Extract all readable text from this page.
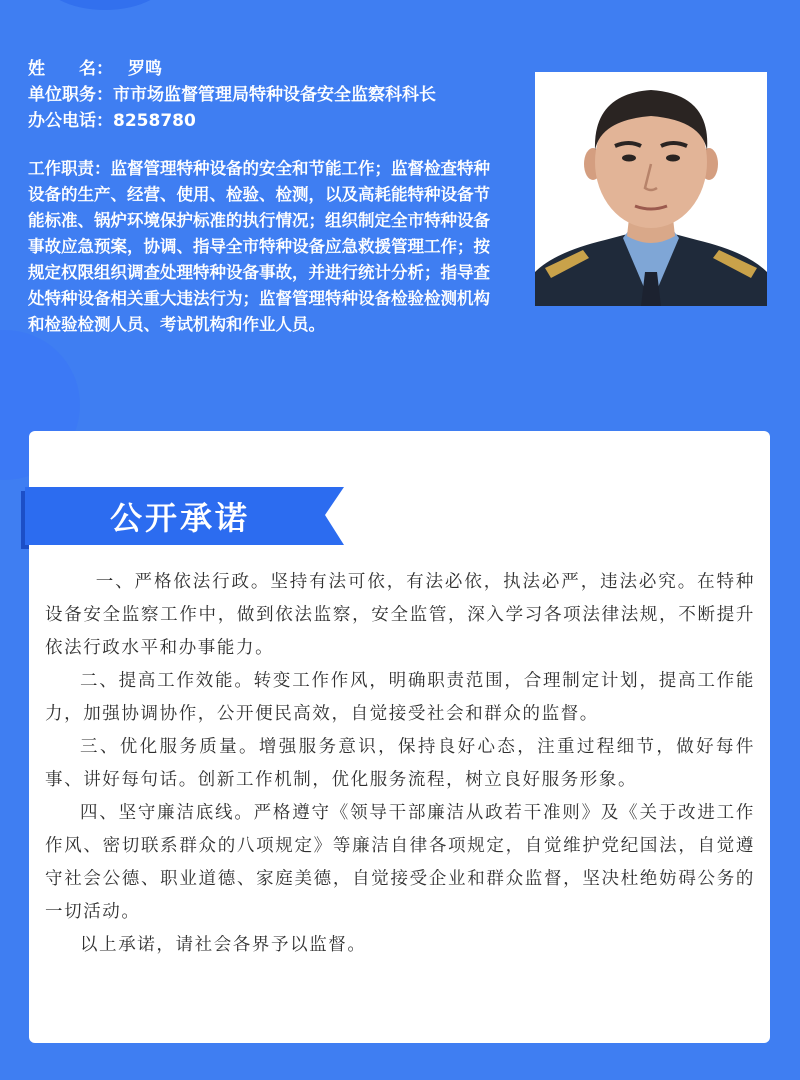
姓　　名： 罗鸣
单位职务： 市市场监督管理局特种设备安全监察科科长
办公电话： 8258780
工作职责：监督管理特种设备的安全和节能工作；监督检查特种设备的生产、经营、使用、检验、检测，以及高耗能特种设备节能标准、锅炉环境保护标准的执行情况；组织制定全市特种设备事故应急预案，协调、指导全市特种设备应急救援管理工作；按规定权限组织调查处理特种设备事故，并进行统计分析；指导查处特种设备相关重大违法行为；监督管理特种设备检验检测机构和检验检测人员、考试机构和作业人员。
公开承诺

一、严格依法行政。坚持有法可依，有法必依，执法必严，违法必究。在特种设备安全监察工作中，做到依法监察，安全监管，深入学习各项法律法规，不断提升依法行政水平和办事能力。

二、提高工作效能。转变工作作风，明确职责范围，合理制定计划，提高工作能力，加强协调协作，公开便民高效，自觉接受社会和群众的监督。

三、优化服务质量。增强服务意识，保持良好心态，注重过程细节，做好每件事、讲好每句话。创新工作机制，优化服务流程，树立良好服务形象。

四、坚守廉洁底线。严格遵守《领导干部廉洁从政若干准则》及《关于改进工作作风、密切联系群众的八项规定》等廉洁自律各项规定，自觉维护党纪国法，自觉遵守社会公德、职业道德、家庭美德，自觉接受企业和群众监督，坚决杜绝妨碍公务的一切活动。

以上承诺，请社会各界予以监督。
